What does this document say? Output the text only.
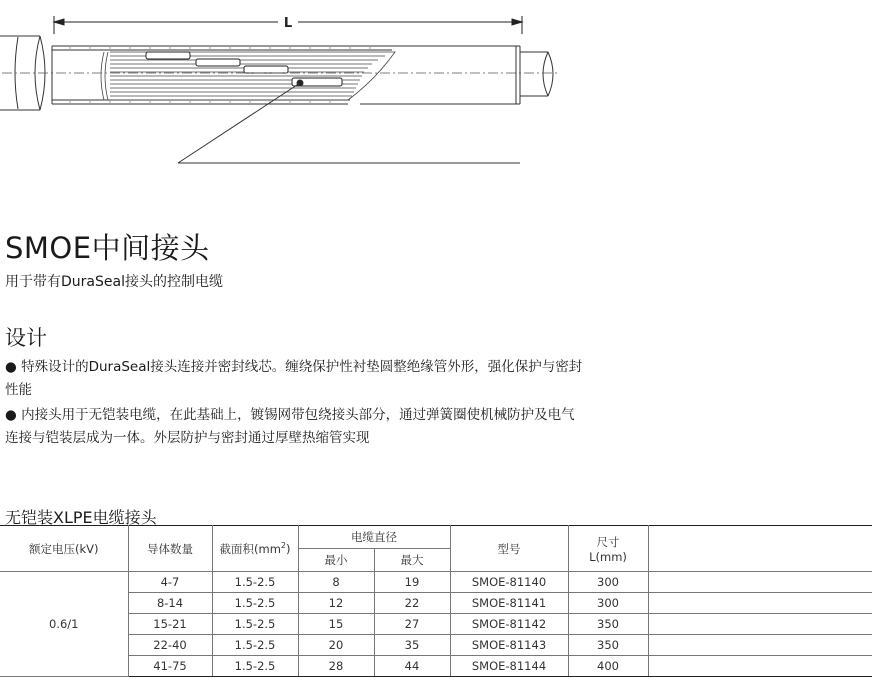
L
SMOE中间接头
用于带有DuraSeal接头的控制电缆
设计
● 特殊设计的DuraSeal接头连接并密封线芯。缠绕保护性衬垫圆整绝缘管外形，强化保护与密封性能
● 内接头用于无铠装电缆，在此基础上，镀锡网带包绕接头部分，通过弹簧圈使机械防护及电气连接与铠装层成为一体。外层防护与密封通过厚壁热缩管实现
无铠装XLPE电缆接头
额定电压(kV)	导体数量	截面积$(mm^2)$	电缆直径		型号	尺寸
L(mm)	

			最小	最大			
0.6/1	4-7	1.5-2.5	8	19	SMOE-81140	300	
	8-14	1.5-2.5	12	22	SMOE-81141	300	
	15-21	1.5-2.5	15	27	SMOE-81142	350	
	22-40	1.5-2.5	20	35	SMOE-81143	350	
	41-75	1.5-2.5	28	44	SMOE-81144	400	
